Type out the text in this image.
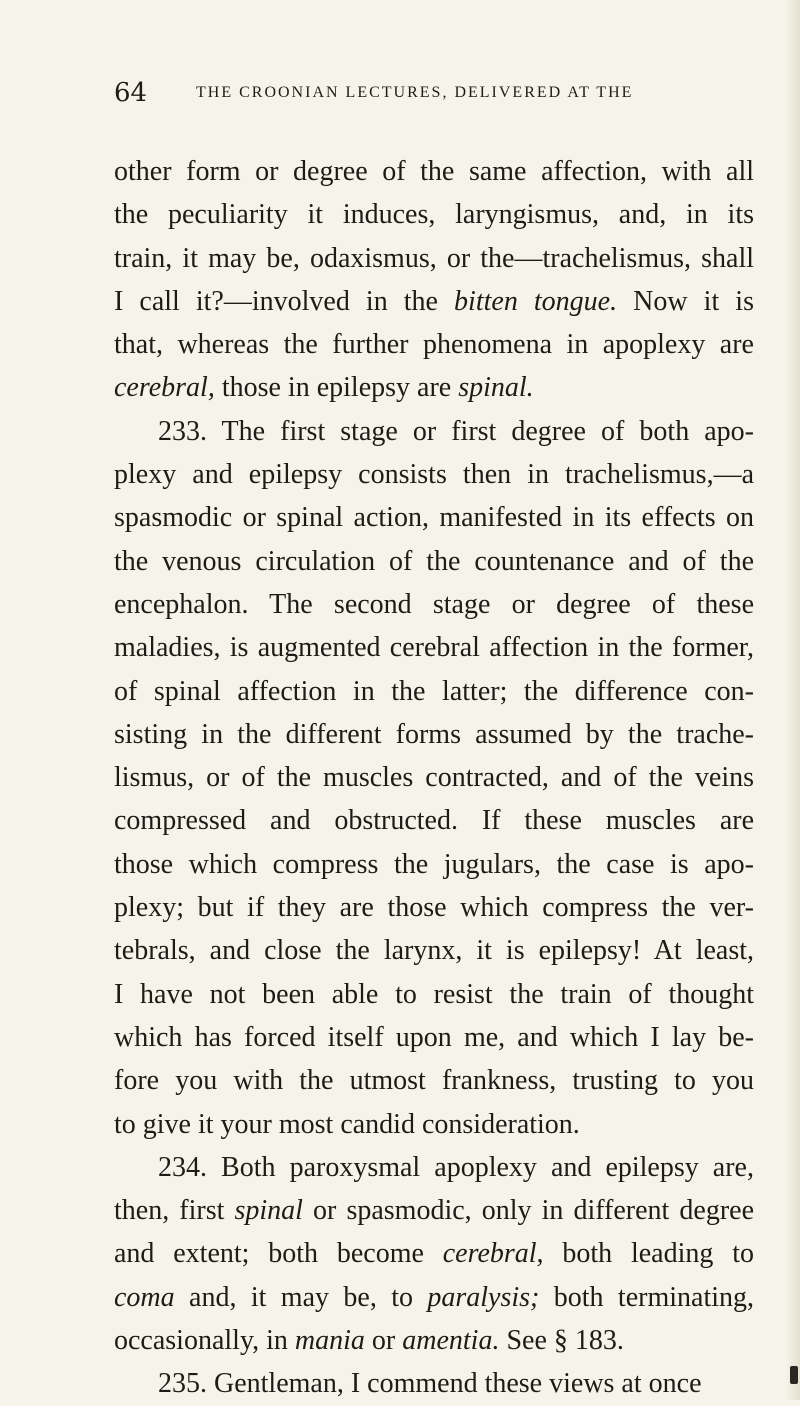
64	THE CROONIAN LECTURES, DELIVERED AT THE
other form or degree of the same affection, with all
the peculiarity it induces, laryngismus, and, in its
train, it may be, odaxismus, or the—trachelismus, shall
I call it?—involved in the bitten tongue. Now it is
that, whereas the further phenomena in apoplexy are
cerebral, those in epilepsy are spinal.
233. The first stage or first degree of both apo-
plexy and epilepsy consists then in trachelismus,—a
spasmodic or spinal action, manifested in its effects on
the venous circulation of the countenance and of the
encephalon. The second stage or degree of these
maladies, is augmented cerebral affection in the former,
of spinal affection in the latter; the difference con-
sisting in the different forms assumed by the trache-
lismus, or of the muscles contracted, and of the veins
compressed and obstructed. If these muscles are
those which compress the jugulars, the case is apo-
plexy; but if they are those which compress the ver-
tebrals, and close the larynx, it is epilepsy! At least,
I have not been able to resist the train of thought
which has forced itself upon me, and which I lay be-
fore you with the utmost frankness, trusting to you
to give it your most candid consideration.
234. Both paroxysmal apoplexy and epilepsy are,
then, first spinal or spasmodic, only in different degree
and extent; both become cerebral, both leading to
coma and, it may be, to paralysis; both terminating,
occasionally, in mania or amentia. See § 183.
235. Gentleman, I commend these views at once
